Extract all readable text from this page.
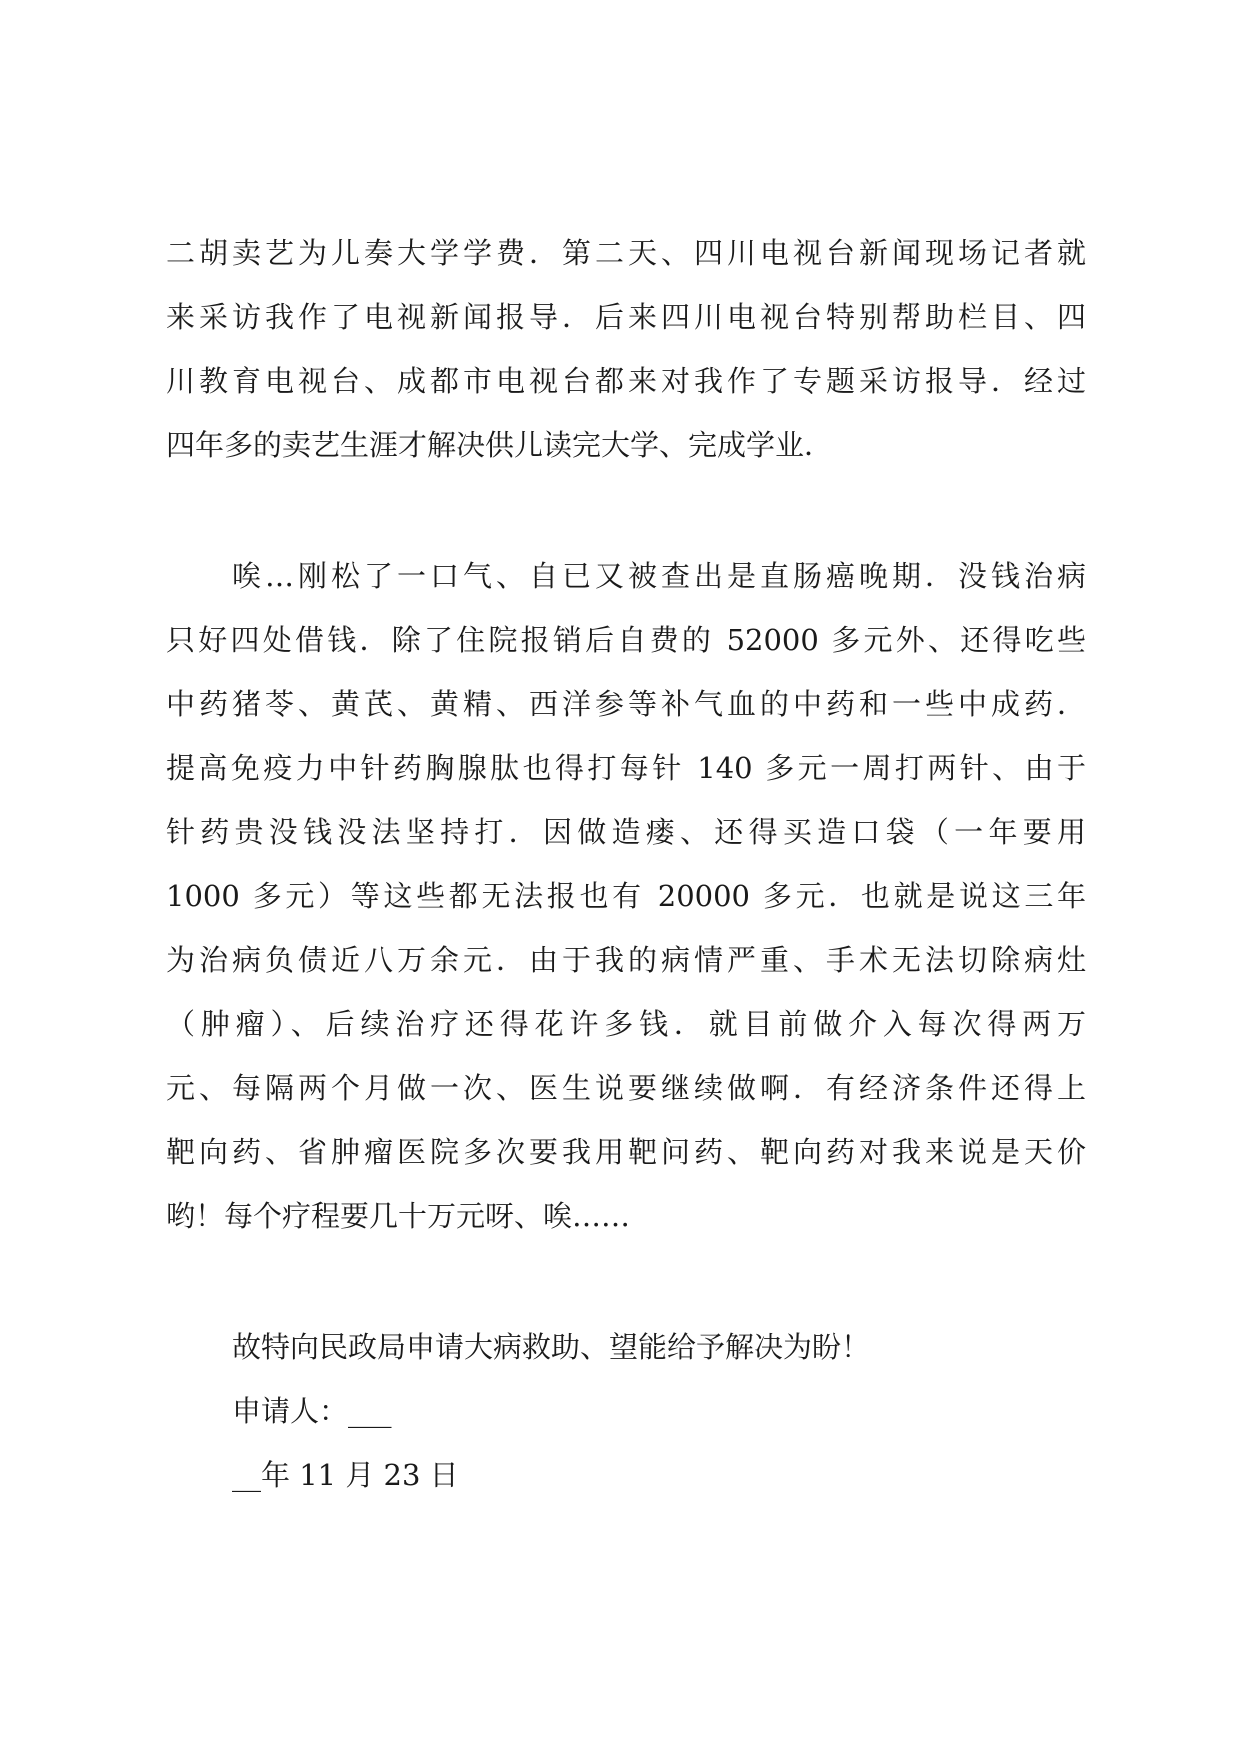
二胡卖艺为儿奏大学学费．第二天、四川电视台新闻现场记者就
来采访我作了电视新闻报导．后来四川电视台特别帮助栏目、四
川教育电视台、成都市电视台都来对我作了专题采访报导．经过
四年多的卖艺生涯才解决供儿读完大学、完成学业．
　　唉…刚松了一口气、自已又被查出是直肠癌晚期．没钱治病
只好四处借钱．除了住院报销后自费的 52000 多元外、还得吃些
中药猪苓、黄芪、黄精、西洋参等补气血的中药和一些中成药．
提高免疫力中针药胸腺肽也得打每针 140 多元一周打两针、由于
针药贵没钱没法坚持打．因做造瘘、还得买造口袋（一年要用
1000 多元）等这些都无法报也有 20000 多元．也就是说这三年
为治病负债近八万余元．由于我的病情严重、手术无法切除病灶
（肿瘤）、后续治疗还得花许多钱．就目前做介入每次得两万
元、每隔两个月做一次、医生说要继续做啊．有经济条件还得上
靶向药、省肿瘤医院多次要我用靶问药、靶向药对我来说是天价
哟！每个疗程要几十万元呀、唉……
故特向民政局申请大病救助、望能给予解决为盼！
申请人：___
__年 11 月 23 日
